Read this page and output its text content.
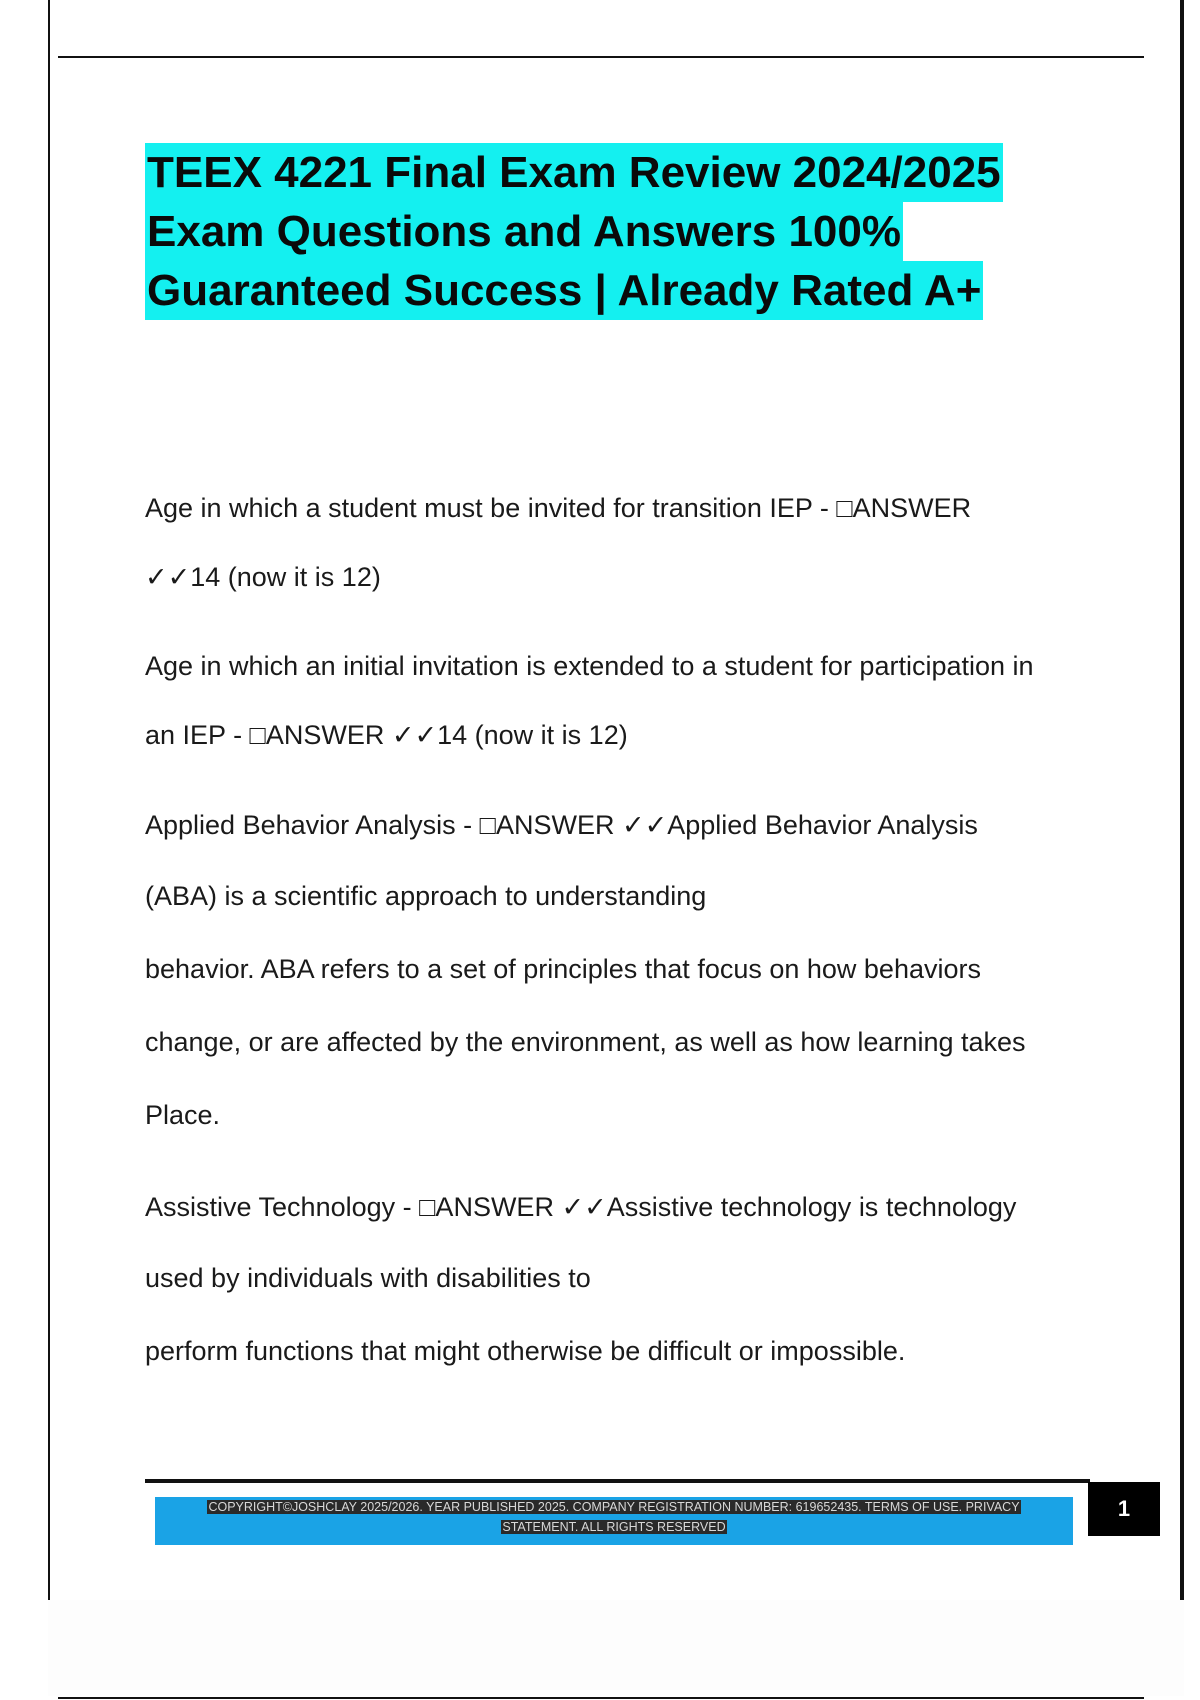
TEEX 4221 Final Exam Review 2024/2025
Exam Questions and Answers 100%
Guaranteed Success | Already Rated A+

Age in which a student must be invited for transition IEP - □ANSWER
✓✓14 (now it is 12)

Age in which an initial invitation is extended to a student for participation in
an IEP - □ANSWER ✓✓14 (now it is 12)

Applied Behavior Analysis - □ANSWER ✓✓Applied Behavior Analysis
(ABA) is a scientific approach to understanding
behavior. ABA refers to a set of principles that focus on how behaviors
change, or are affected by the environment, as well as how learning takes
Place.

Assistive Technology - □ANSWER ✓✓Assistive technology is technology
used by individuals with disabilities to
perform functions that might otherwise be difficult or impossible.

COPYRIGHT©JOSHCLAY 2025/2026. YEAR PUBLISHED 2025. COMPANY REGISTRATION NUMBER: 619652435. TERMS OF USE. PRIVACY
STATEMENT. ALL RIGHTS RESERVED
1
